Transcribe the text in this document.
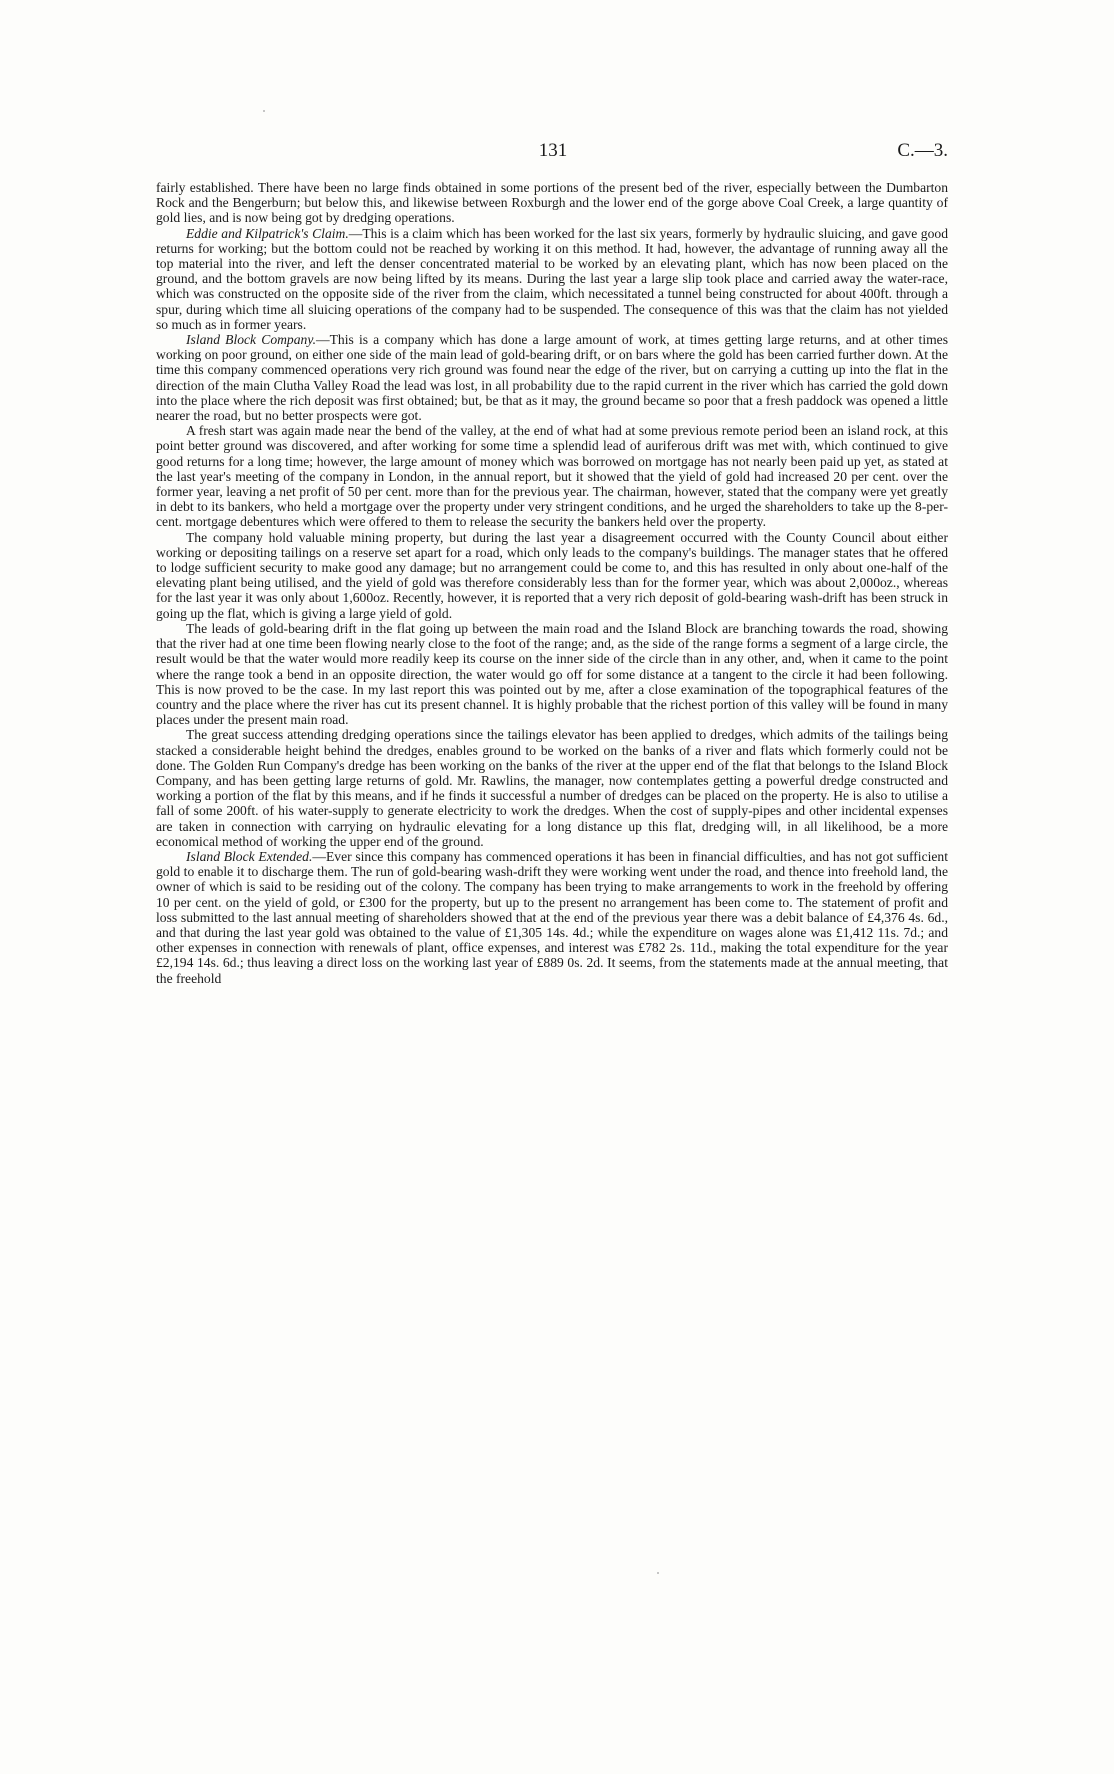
131	C.—3.

fairly established. There have been no large finds obtained in some portions of the present bed of the river, especially between the Dumbarton Rock and the Bengerburn; but below this, and likewise between Roxburgh and the lower end of the gorge above Coal Creek, a large quantity of gold lies, and is now being got by dredging operations.

Eddie and Kilpatrick's Claim.—This is a claim which has been worked for the last six years, formerly by hydraulic sluicing, and gave good returns for working; but the bottom could not be reached by working it on this method. It had, however, the advantage of running away all the top material into the river, and left the denser concentrated material to be worked by an elevating plant, which has now been placed on the ground, and the bottom gravels are now being lifted by its means. During the last year a large slip took place and carried away the water-race, which was constructed on the opposite side of the river from the claim, which necessitated a tunnel being constructed for about 400ft. through a spur, during which time all sluicing operations of the company had to be suspended. The consequence of this was that the claim has not yielded so much as in former years.

Island Block Company.—This is a company which has done a large amount of work, at times getting large returns, and at other times working on poor ground, on either one side of the main lead of gold-bearing drift, or on bars where the gold has been carried further down. At the time this company commenced operations very rich ground was found near the edge of the river, but on carrying a cutting up into the flat in the direction of the main Clutha Valley Road the lead was lost, in all probability due to the rapid current in the river which has carried the gold down into the place where the rich deposit was first obtained; but, be that as it may, the ground became so poor that a fresh paddock was opened a little nearer the road, but no better prospects were got.

A fresh start was again made near the bend of the valley, at the end of what had at some previous remote period been an island rock, at this point better ground was discovered, and after working for some time a splendid lead of auriferous drift was met with, which continued to give good returns for a long time; however, the large amount of money which was borrowed on mortgage has not nearly been paid up yet, as stated at the last year's meeting of the company in London, in the annual report, but it showed that the yield of gold had increased 20 per cent. over the former year, leaving a net profit of 50 per cent. more than for the previous year. The chairman, however, stated that the company were yet greatly in debt to its bankers, who held a mortgage over the property under very stringent conditions, and he urged the shareholders to take up the 8-per-cent. mortgage debentures which were offered to them to release the security the bankers held over the property.

The company hold valuable mining property, but during the last year a disagreement occurred with the County Council about either working or depositing tailings on a reserve set apart for a road, which only leads to the company's buildings. The manager states that he offered to lodge sufficient security to make good any damage; but no arrangement could be come to, and this has resulted in only about one-half of the elevating plant being utilised, and the yield of gold was therefore considerably less than for the former year, which was about 2,000oz., whereas for the last year it was only about 1,600oz. Recently, however, it is reported that a very rich deposit of gold-bearing wash-drift has been struck in going up the flat, which is giving a large yield of gold.

The leads of gold-bearing drift in the flat going up between the main road and the Island Block are branching towards the road, showing that the river had at one time been flowing nearly close to the foot of the range; and, as the side of the range forms a segment of a large circle, the result would be that the water would more readily keep its course on the inner side of the circle than in any other, and, when it came to the point where the range took a bend in an opposite direction, the water would go off for some distance at a tangent to the circle it had been following. This is now proved to be the case. In my last report this was pointed out by me, after a close examination of the topographical features of the country and the place where the river has cut its present channel. It is highly probable that the richest portion of this valley will be found in many places under the present main road.

The great success attending dredging operations since the tailings elevator has been applied to dredges, which admits of the tailings being stacked a considerable height behind the dredges, enables ground to be worked on the banks of a river and flats which formerly could not be done. The Golden Run Company's dredge has been working on the banks of the river at the upper end of the flat that belongs to the Island Block Company, and has been getting large returns of gold. Mr. Rawlins, the manager, now contemplates getting a powerful dredge constructed and working a portion of the flat by this means, and if he finds it successful a number of dredges can be placed on the property. He is also to utilise a fall of some 200ft. of his water-supply to generate electricity to work the dredges. When the cost of supply-pipes and other incidental expenses are taken in connection with carrying on hydraulic elevating for a long distance up this flat, dredging will, in all likelihood, be a more economical method of working the upper end of the ground.

Island Block Extended.—Ever since this company has commenced operations it has been in financial difficulties, and has not got sufficient gold to enable it to discharge them. The run of gold-bearing wash-drift they were working went under the road, and thence into freehold land, the owner of which is said to be residing out of the colony. The company has been trying to make arrangements to work in the freehold by offering 10 per cent. on the yield of gold, or £300 for the property, but up to the present no arrangement has been come to. The statement of profit and loss submitted to the last annual meeting of shareholders showed that at the end of the previous year there was a debit balance of £4,376 4s. 6d., and that during the last year gold was obtained to the value of £1,305 14s. 4d.; while the expenditure on wages alone was £1,412 11s. 7d.; and other expenses in connection with renewals of plant, office expenses, and interest was £782 2s. 11d., making the total expenditure for the year £2,194 14s. 6d.; thus leaving a direct loss on the working last year of £889 0s. 2d. It seems, from the statements made at the annual meeting, that the freehold
